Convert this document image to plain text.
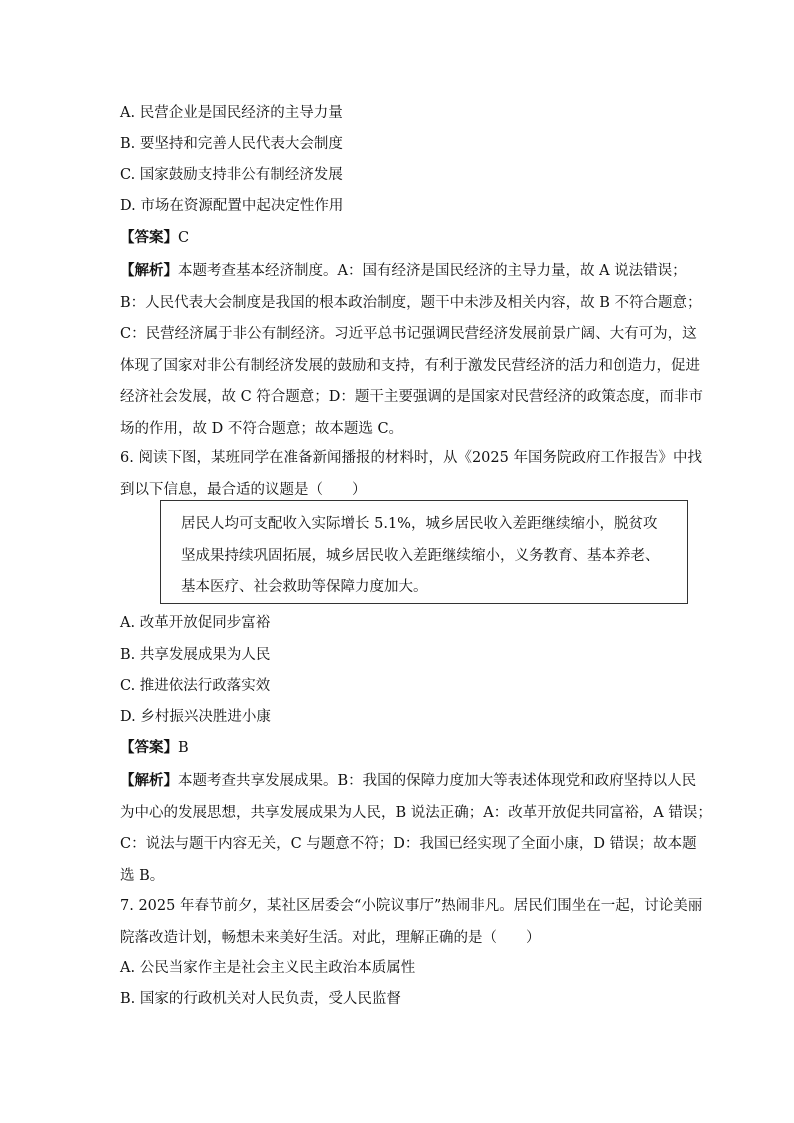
A. 民营企业是国民经济的主导力量
B. 要坚持和完善人民代表大会制度
C. 国家鼓励支持非公有制经济发展
D. 市场在资源配置中起决定性作用
【答案】C
【解析】本题考查基本经济制度。A：国有经济是国民经济的主导力量，故 A 说法错误；
B：人民代表大会制度是我国的根本政治制度，题干中未涉及相关内容，故 B 不符合题意；
C：民营经济属于非公有制经济。习近平总书记强调民营经济发展前景广阔、大有可为，这
体现了国家对非公有制经济发展的鼓励和支持，有利于激发民营经济的活力和创造力，促进
经济社会发展，故 C 符合题意；D：题干主要强调的是国家对民营经济的政策态度，而非市
场的作用，故 D 不符合题意；故本题选 C。
6. 阅读下图，某班同学在准备新闻播报的材料时，从《2025 年国务院政府工作报告》中找
到以下信息，最合适的议题是（　　）
居民人均可支配收入实际增长 5.1%，城乡居民收入差距继续缩小，脱贫攻
坚成果持续巩固拓展，城乡居民收入差距继续缩小，义务教育、基本养老、
基本医疗、社会救助等保障力度加大。
A. 改革开放促同步富裕
B. 共享发展成果为人民
C. 推进依法行政落实效
D. 乡村振兴决胜进小康
【答案】B
【解析】本题考查共享发展成果。B：我国的保障力度加大等表述体现党和政府坚持以人民
为中心的发展思想，共享发展成果为人民，B 说法正确；A：改革开放促共同富裕，A 错误；
C：说法与题干内容无关，C 与题意不符；D：我国已经实现了全面小康，D 错误；故本题
选 B。
7. 2025 年春节前夕，某社区居委会“小院议事厅”热闹非凡。居民们围坐在一起，讨论美丽
院落改造计划，畅想未来美好生活。对此，理解正确的是（　　）
A. 公民当家作主是社会主义民主政治本质属性
B. 国家的行政机关对人民负责，受人民监督
